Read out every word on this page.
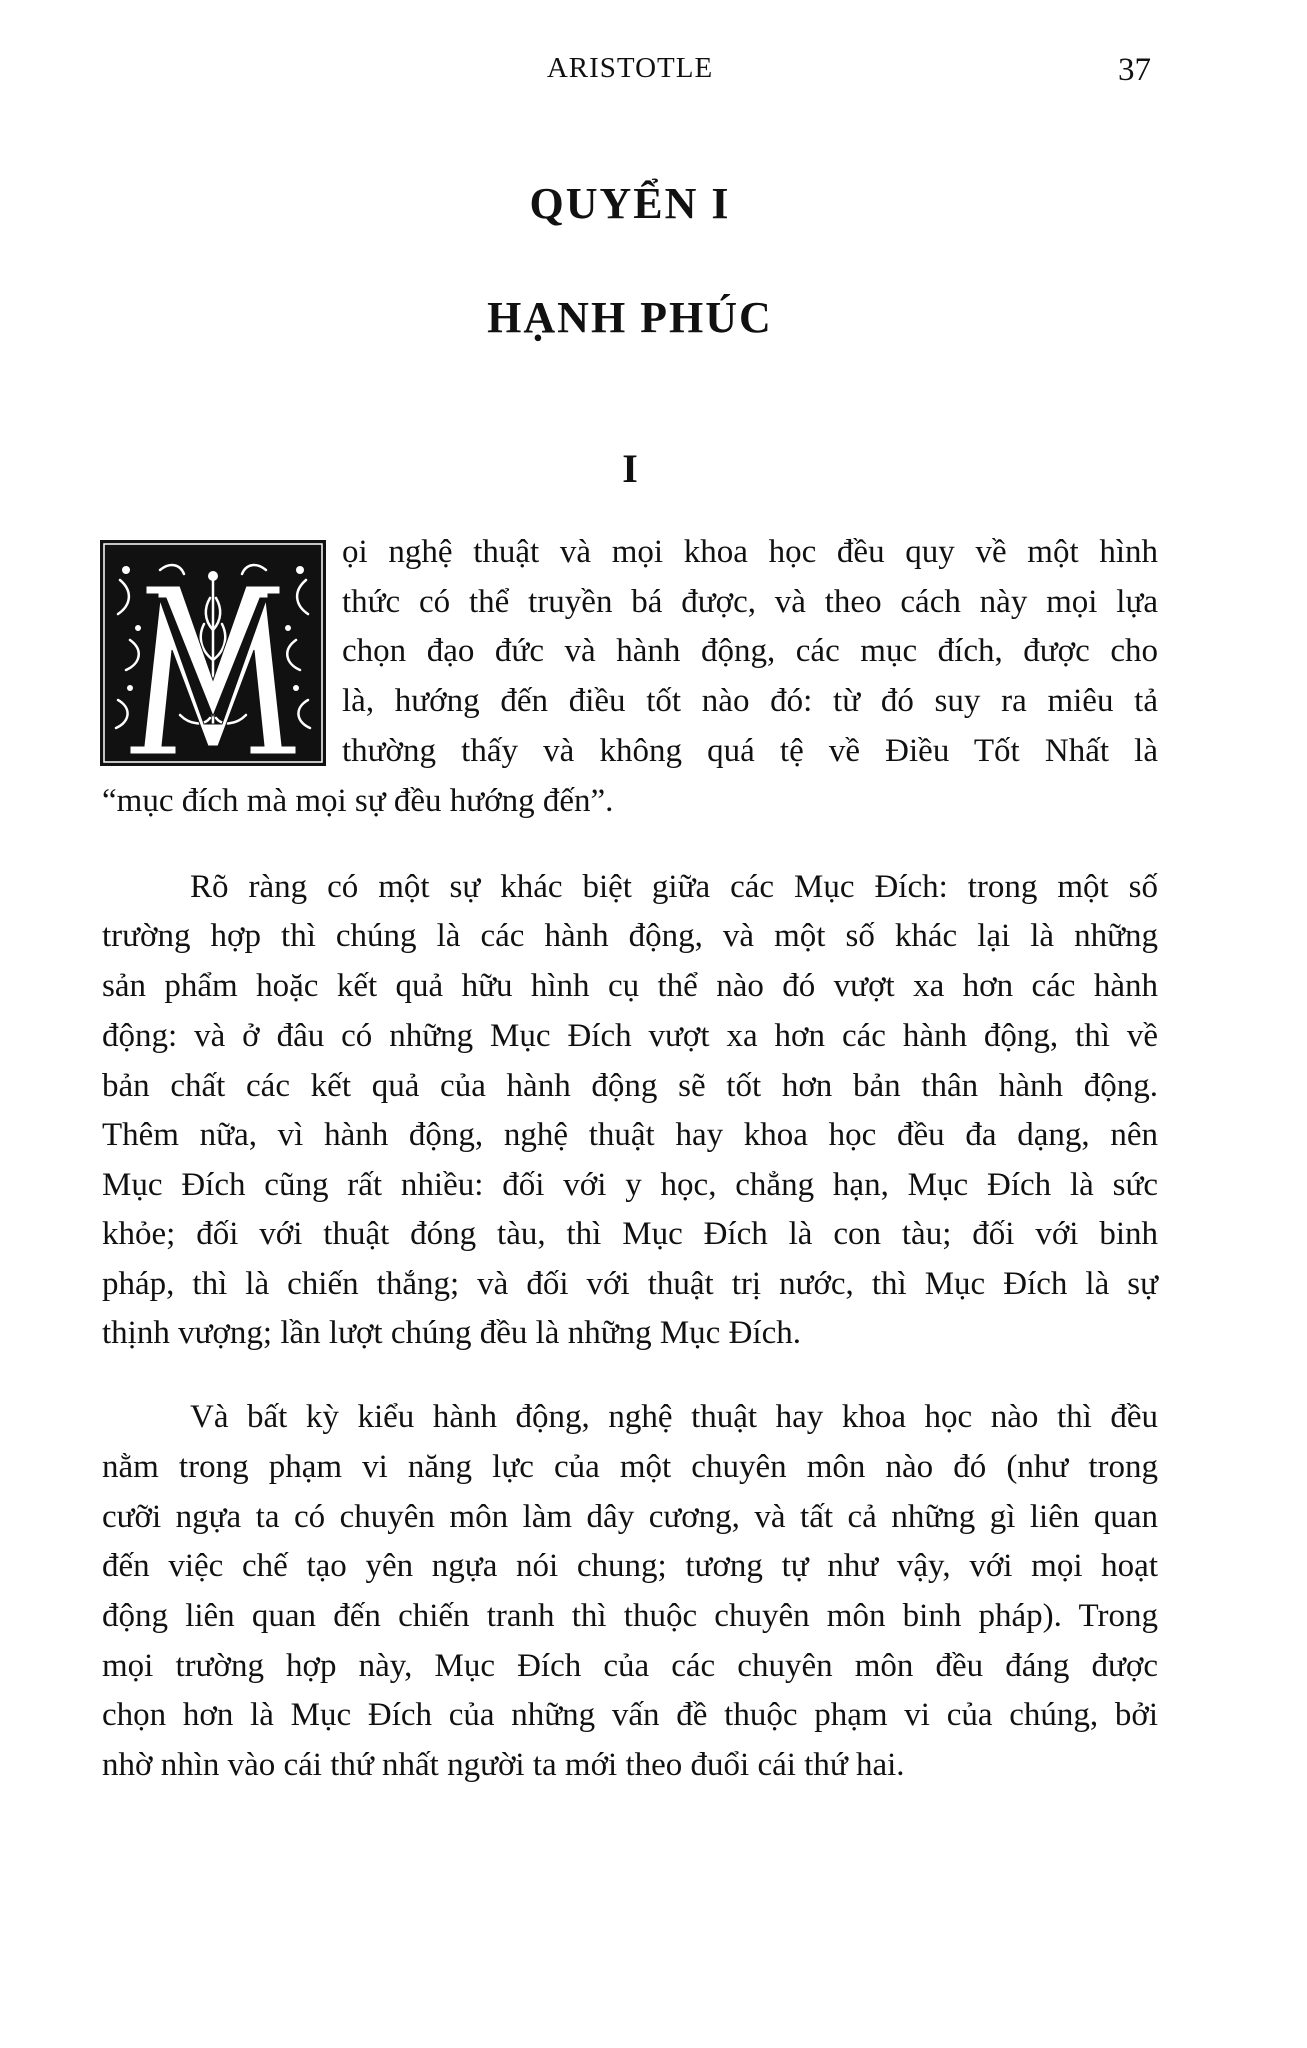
ARISTOTLE	37
QUYỂN I
HẠNH PHÚC
I
ọi nghệ thuật và mọi khoa học đều quy về một hình
thức có thể truyền bá được, và theo cách này mọi lựa
chọn đạo đức và hành động, các mục đích, được cho
là, hướng đến điều tốt nào đó: từ đó suy ra miêu tả
thường thấy và không quá tệ về Điều Tốt Nhất là
“mục đích mà mọi sự đều hướng đến”.
Rõ ràng có một sự khác biệt giữa các Mục Đích: trong một số
trường hợp thì chúng là các hành động, và một số khác lại là những
sản phẩm hoặc kết quả hữu hình cụ thể nào đó vượt xa hơn các hành
động: và ở đâu có những Mục Đích vượt xa hơn các hành động, thì về
bản chất các kết quả của hành động sẽ tốt hơn bản thân hành động.
Thêm nữa, vì hành động, nghệ thuật hay khoa học đều đa dạng, nên
Mục Đích cũng rất nhiều: đối với y học, chẳng hạn, Mục Đích là sức
khỏe; đối với thuật đóng tàu, thì Mục Đích là con tàu; đối với binh
pháp, thì là chiến thắng; và đối với thuật trị nước, thì Mục Đích là sự
thịnh vượng; lần lượt chúng đều là những Mục Đích.
Và bất kỳ kiểu hành động, nghệ thuật hay khoa học nào thì đều
nằm trong phạm vi năng lực của một chuyên môn nào đó (như trong
cưỡi ngựa ta có chuyên môn làm dây cương, và tất cả những gì liên quan
đến việc chế tạo yên ngựa nói chung; tương tự như vậy, với mọi hoạt
động liên quan đến chiến tranh thì thuộc chuyên môn binh pháp). Trong
mọi trường hợp này, Mục Đích của các chuyên môn đều đáng được
chọn hơn là Mục Đích của những vấn đề thuộc phạm vi của chúng, bởi
nhờ nhìn vào cái thứ nhất người ta mới theo đuổi cái thứ hai.
